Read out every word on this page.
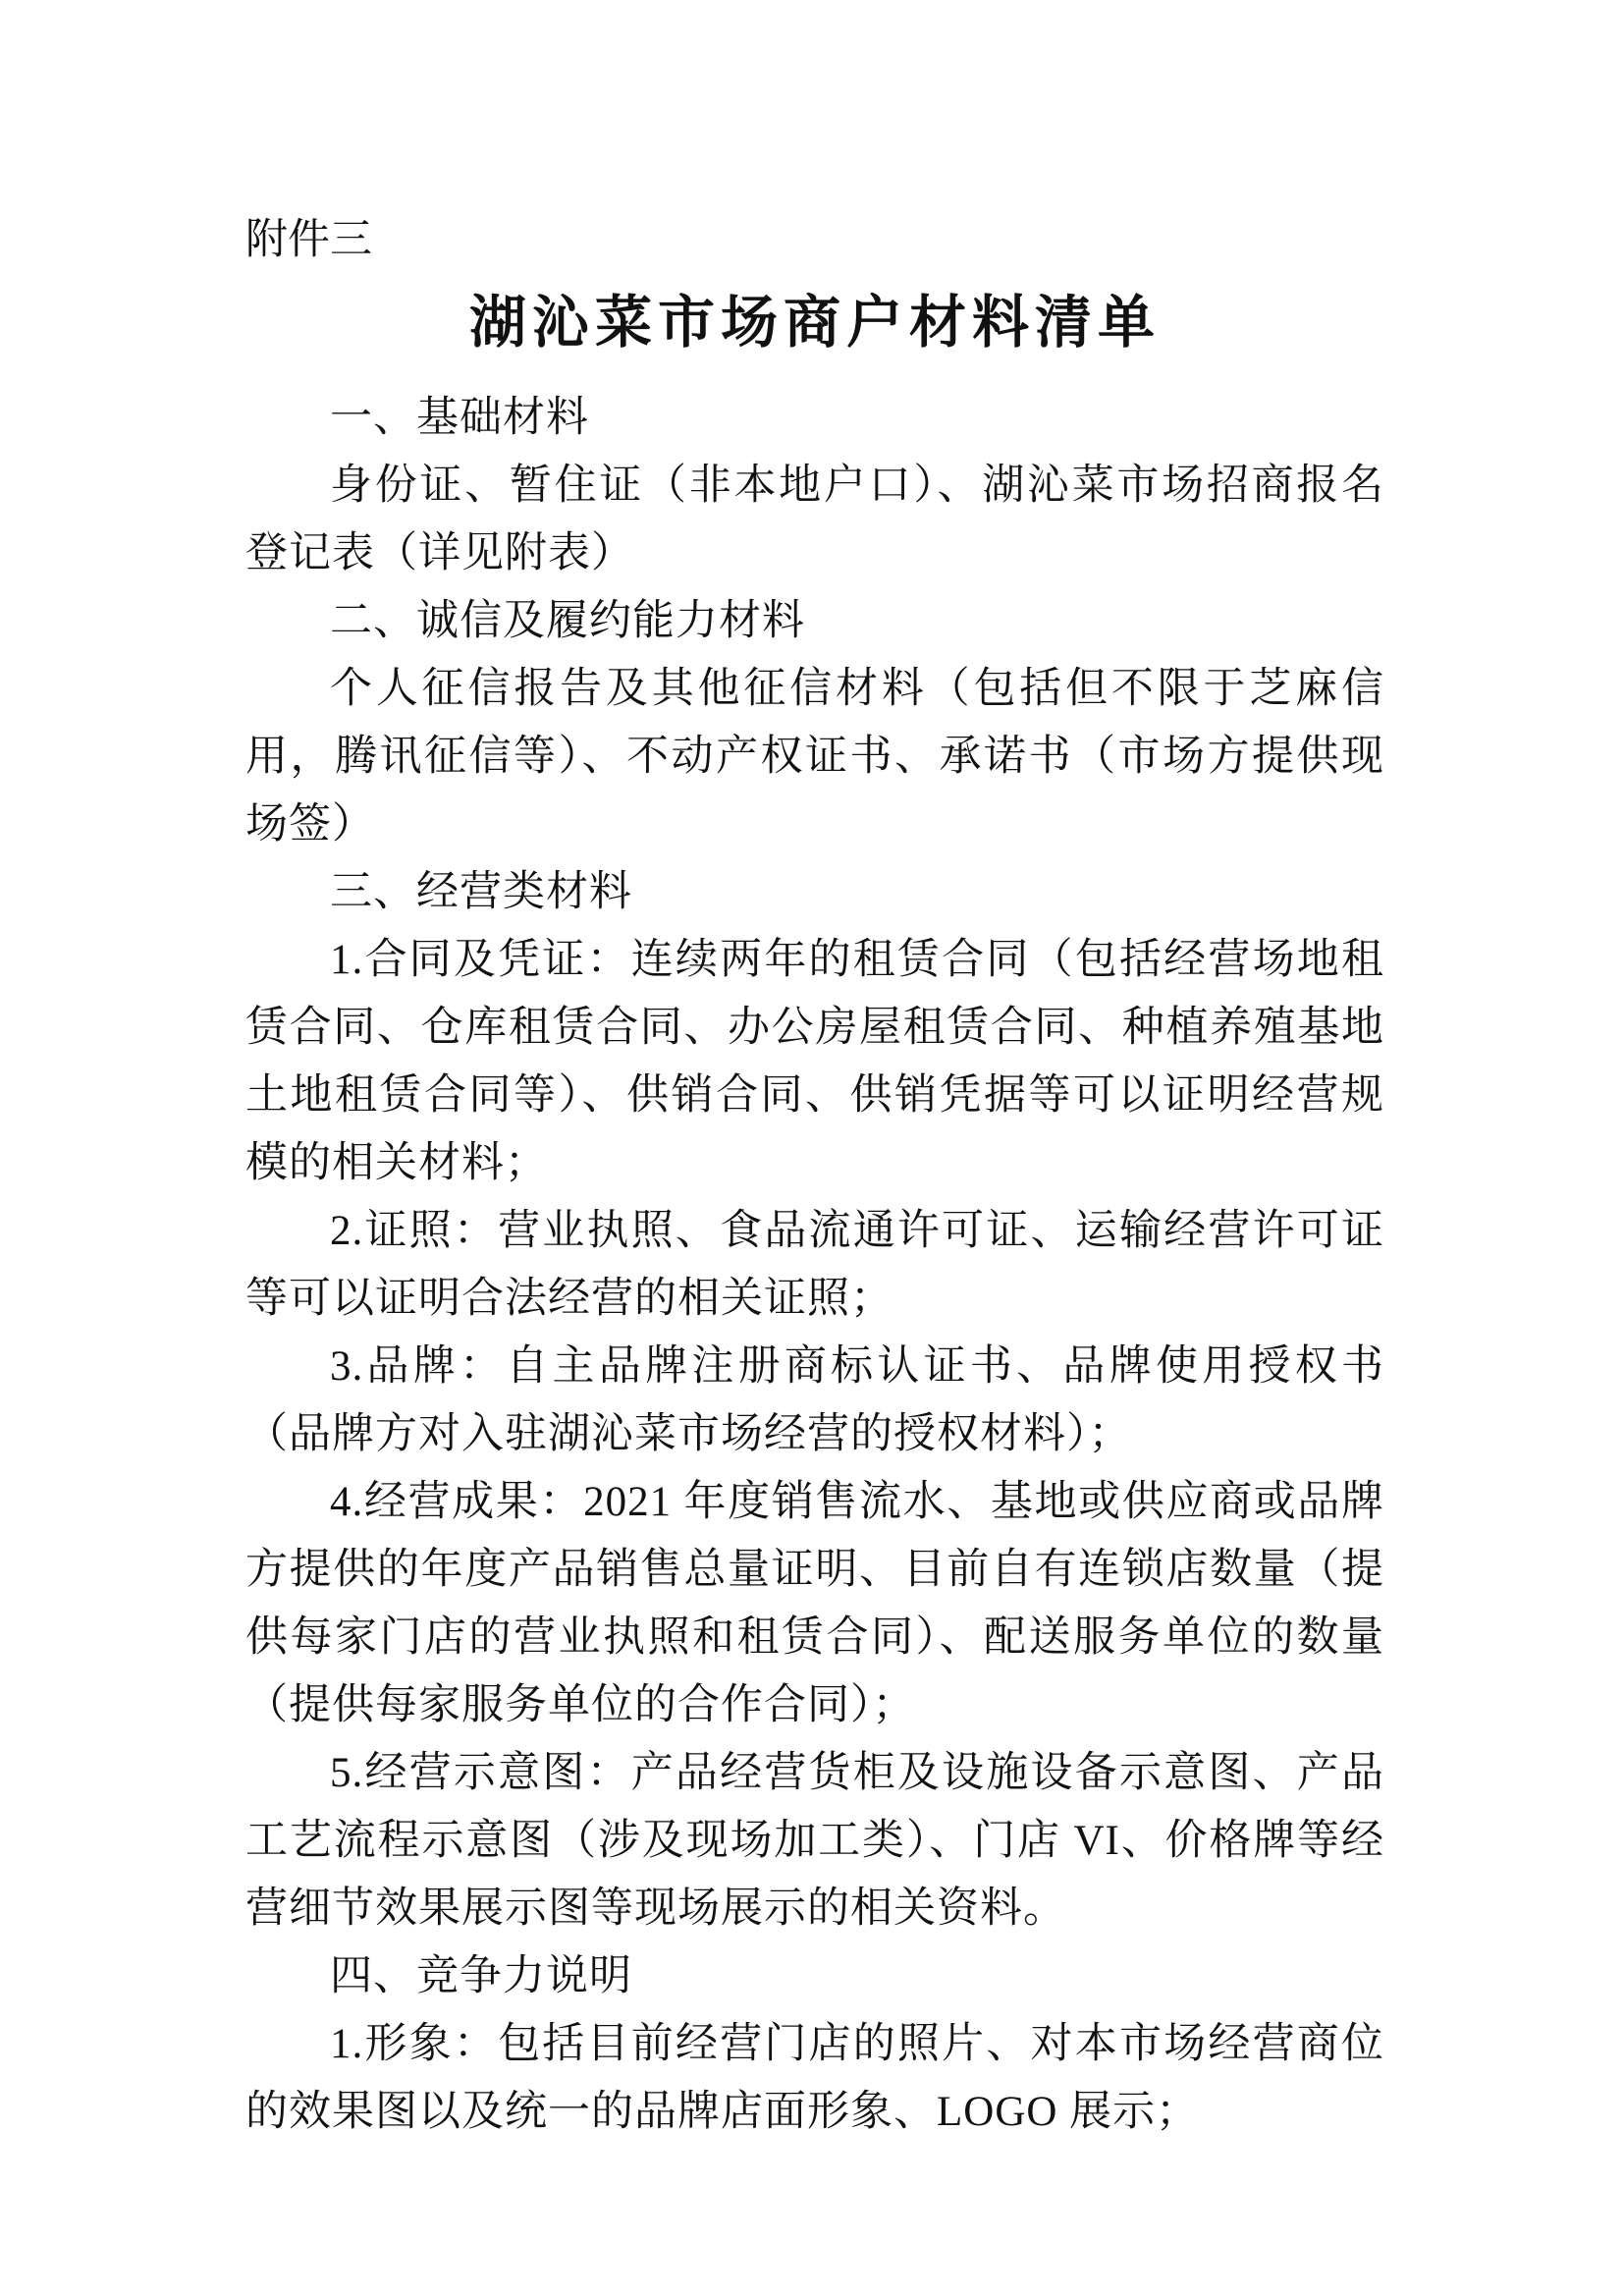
附件三
湖沁菜市场商户材料清单

一、基础材料

身份证、暂住证（非本地户口）、湖沁菜市场招商报名登记表（详见附表）

二、诚信及履约能力材料

个人征信报告及其他征信材料（包括但不限于芝麻信用，腾讯征信等）、不动产权证书、承诺书（市场方提供现场签）

三、经营类材料

1.合同及凭证：连续两年的租赁合同（包括经营场地租赁合同、仓库租赁合同、办公房屋租赁合同、种植养殖基地土地租赁合同等）、供销合同、供销凭据等可以证明经营规模的相关材料；

2.证照：营业执照、食品流通许可证、运输经营许可证等可以证明合法经营的相关证照；

3.品牌：自主品牌注册商标认证书、品牌使用授权书（品牌方对入驻湖沁菜市场经营的授权材料）；

4.经营成果：2021 年度销售流水、基地或供应商或品牌方提供的年度产品销售总量证明、目前自有连锁店数量（提供每家门店的营业执照和租赁合同）、配送服务单位的数量（提供每家服务单位的合作合同）；

5.经营示意图：产品经营货柜及设施设备示意图、产品工艺流程示意图（涉及现场加工类）、门店 VI、价格牌等经营细节效果展示图等现场展示的相关资料。

四、竞争力说明

1.形象：包括目前经营门店的照片、对本市场经营商位的效果图以及统一的品牌店面形象、LOGO 展示；
